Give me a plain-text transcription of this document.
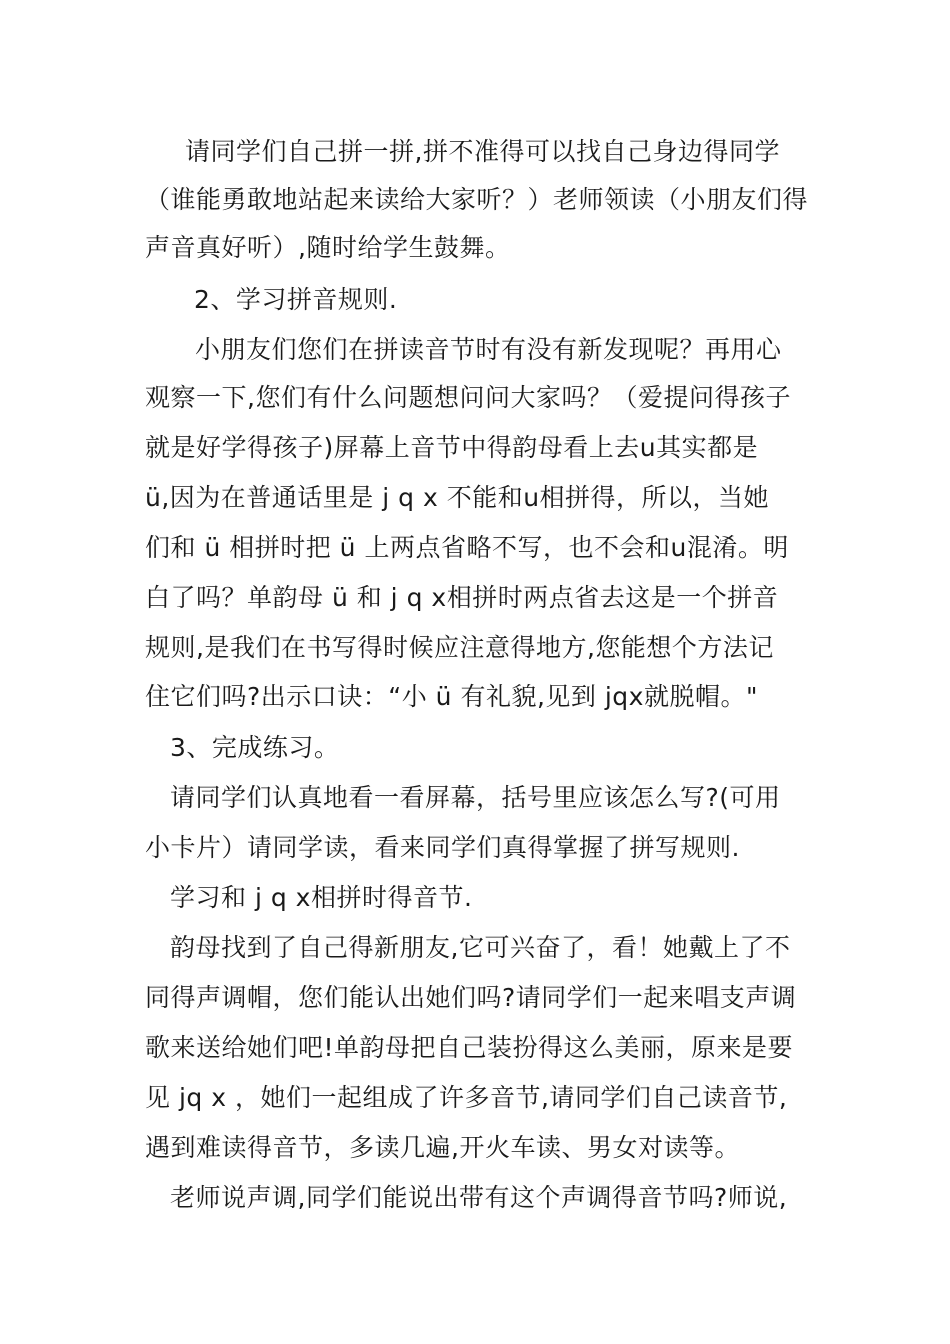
请同学们自己拼一拼,拼不准得可以找自己身边得同学
（谁能勇敢地站起来读给大家听？）老师领读（小朋友们得
声音真好听）,随时给学生鼓舞。
2、学习拼音规则.
小朋友们您们在拼读音节时有没有新发现呢？再用心
观察一下,您们有什么问题想问问大家吗？（爱提问得孩子
就是好学得孩子)屏幕上音节中得韵母看上去u其实都是
ü,因为在普通话里是 j q x 不能和u相拼得，所以，当她
们和 ü 相拼时把 ü 上两点省略不写，也不会和u混淆。明
白了吗？单韵母 ü 和 j q x相拼时两点省去这是一个拼音
规则,是我们在书写得时候应注意得地方,您能想个方法记
住它们吗?出示口诀：“小 ü 有礼貌,见到 jqx就脱帽。"
3、完成练习。
请同学们认真地看一看屏幕，括号里应该怎么写?(可用
小卡片）请同学读，看来同学们真得掌握了拼写规则.
学习和 j q x相拼时得音节.
韵母找到了自己得新朋友,它可兴奋了，看！她戴上了不
同得声调帽，您们能认出她们吗?请同学们一起来唱支声调
歌来送给她们吧!单韵母把自己装扮得这么美丽，原来是要
见 jq x ，她们一起组成了许多音节,请同学们自己读音节,
遇到难读得音节，多读几遍,开火车读、男女对读等。
老师说声调,同学们能说出带有这个声调得音节吗?师说,
